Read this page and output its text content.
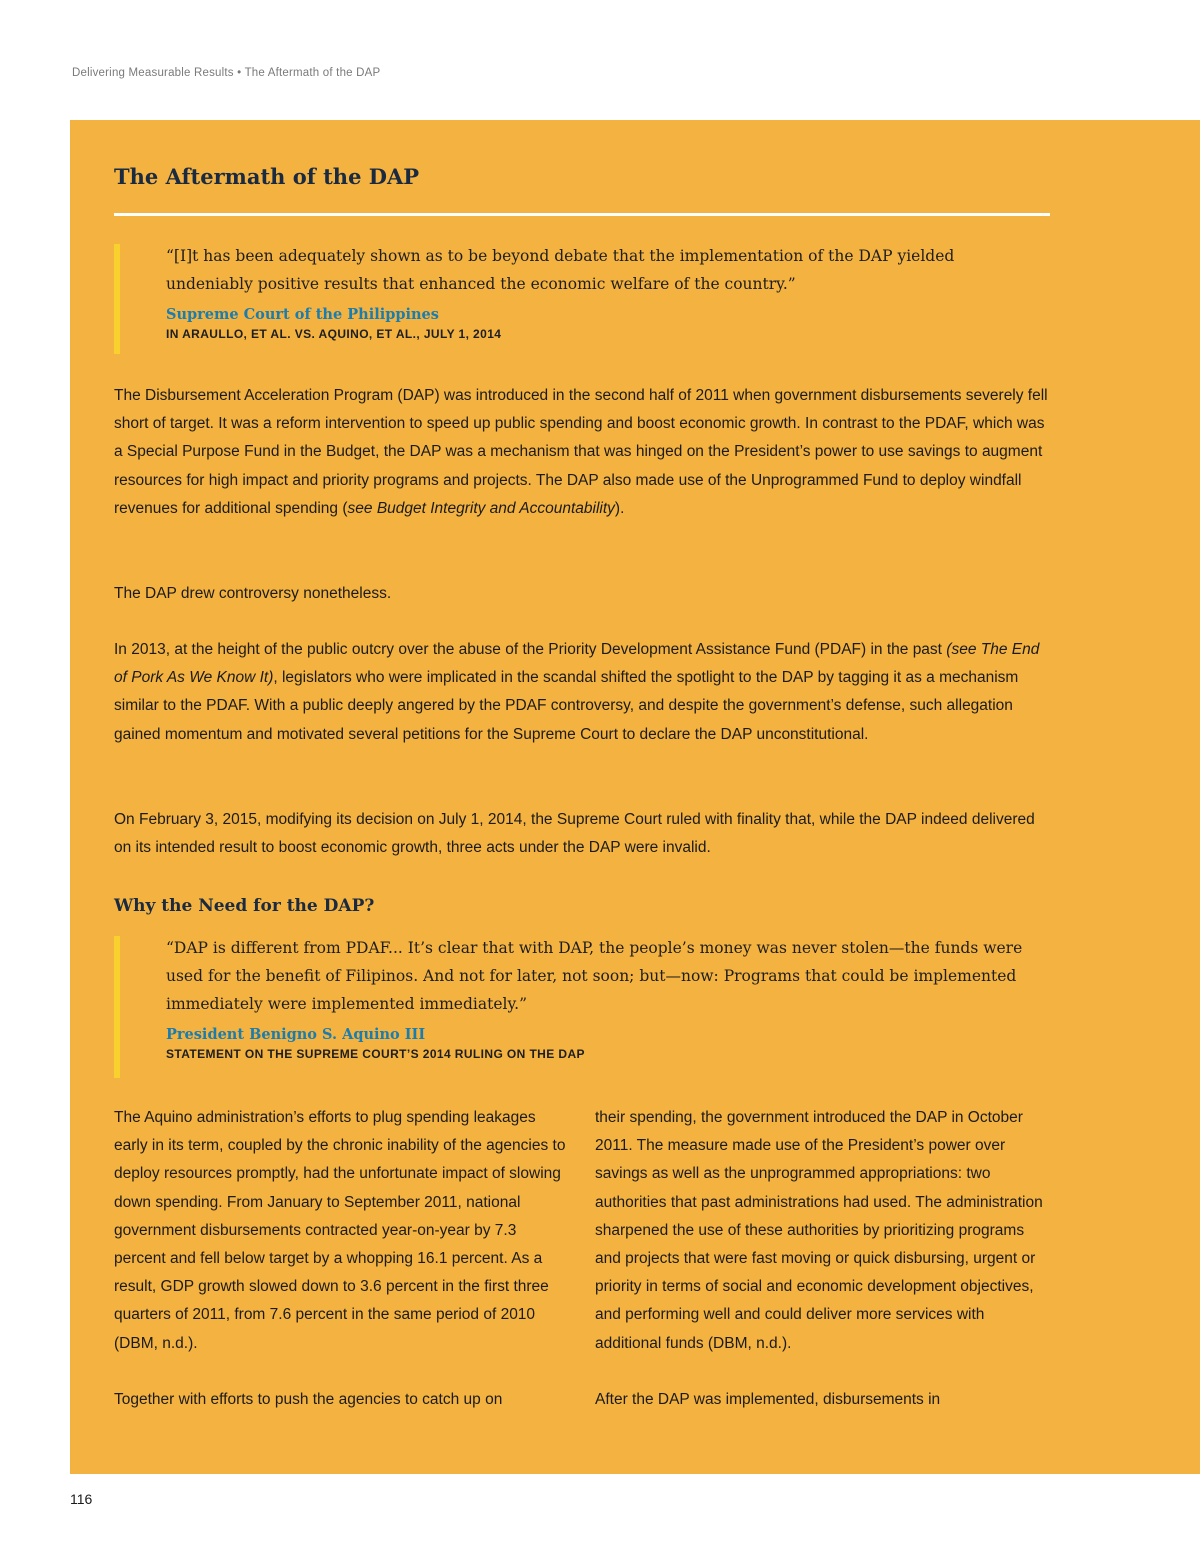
Delivering Measurable Results • The Aftermath of the DAP
The Aftermath of the DAP

“[I]t has been adequately shown as to be beyond debate that the implementation of the DAP yielded undeniably positive results that enhanced the economic welfare of the country.”

Supreme Court of the Philippines
IN ARAULLO, ET AL. VS. AQUINO, ET AL., JULY 1, 2014

The Disbursement Acceleration Program (DAP) was introduced in the second half of 2011 when government disbursements severely fell short of target. It was a reform intervention to speed up public spending and boost economic growth. In contrast to the PDAF, which was a Special Purpose Fund in the Budget, the DAP was a mechanism that was hinged on the President’s power to use savings to augment resources for high impact and priority programs and projects. The DAP also made use of the Unprogrammed Fund to deploy windfall revenues for additional spending (see Budget Integrity and Accountability).

The DAP drew controversy nonetheless.

In 2013, at the height of the public outcry over the abuse of the Priority Development Assistance Fund (PDAF) in the past (see The End of Pork As We Know It), legislators who were implicated in the scandal shifted the spotlight to the DAP by tagging it as a mechanism similar to the PDAF. With a public deeply angered by the PDAF controversy, and despite the government’s defense, such allegation gained momentum and motivated several petitions for the Supreme Court to declare the DAP unconstitutional.

On February 3, 2015, modifying its decision on July 1, 2014, the Supreme Court ruled with finality that, while the DAP indeed delivered on its intended result to boost economic growth, three acts under the DAP were invalid.

Why the Need for the DAP?

“DAP is different from PDAF... It’s clear that with DAP, the people’s money was never stolen—the funds were used for the benefit of Filipinos. And not for later, not soon; but—now: Programs that could be implemented immediately were implemented immediately.”

President Benigno S. Aquino III
STATEMENT ON THE SUPREME COURT’S 2014 RULING ON THE DAP

The Aquino administration’s efforts to plug spending leakages early in its term, coupled by the chronic inability of the agencies to deploy resources promptly, had the unfortunate impact of slowing down spending. From January to September 2011, national government disbursements contracted year-on-year by 7.3 percent and fell below target by a whopping 16.1 percent. As a result, GDP growth slowed down to 3.6 percent in the first three quarters of 2011, from 7.6 percent in the same period of 2010 (DBM, n.d.).

Together with efforts to push the agencies to catch up on

their spending, the government introduced the DAP in October 2011. The measure made use of the President’s power over savings as well as the unprogrammed appropriations: two authorities that past administrations had used. The administration sharpened the use of these authorities by prioritizing programs and projects that were fast moving or quick disbursing, urgent or priority in terms of social and economic development objectives, and performing well and could deliver more services with additional funds (DBM, n.d.).

After the DAP was implemented, disbursements in

116
